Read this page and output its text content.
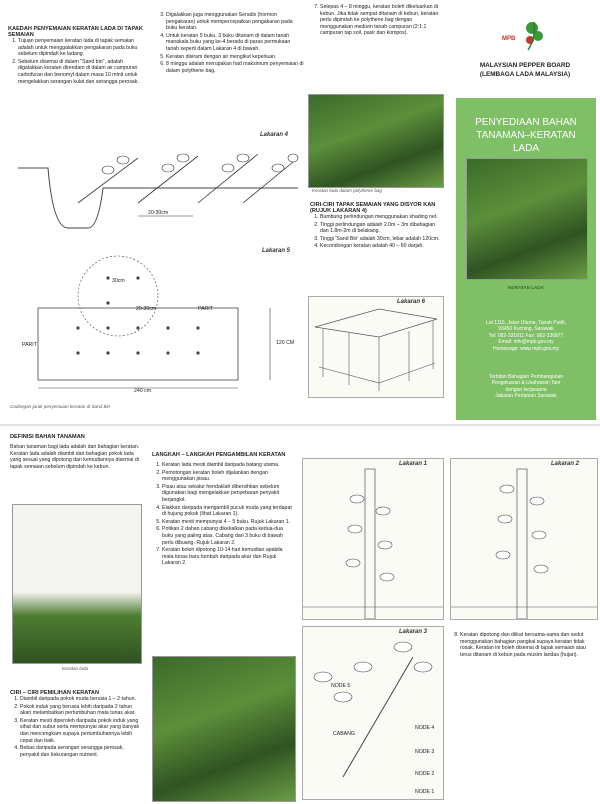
KAEDAH PENYEMAIAN KERATAN LADA DI TAPAK SEMAIAN
1. Tujuan penyemaian keratan lada di tapak semaian adalah untuk menggalakkan pengakaran pada buku sebelum dipindah ke ladang.
2. Sebelum disemai di dalam "Sand bin", adalah digalakkan keratan direndam di dalam air campuran carbofuran dan benomyl dalam masa 10 minit untuk mengelakkan serangan kulat dan serangga perosak.
3. Digalakkan juga menggunakan Seradix (hormon pengakaran) untuk mempercepatkan pengakaran pada buku keratan.
4. Untuk keratan 5 buku, 3 buku ditanam di dalam tanah manakala buku yang ke-4 berada di paras permukaan tanah seperti dalam Lakaran 4 di bawah.
5. Keratan disiram dengan air mengikut keperluan.
6. 8 minggu adalah merupakan had maksimum penyemaian di dalam polythene bag.
Lakaran 4
20-30cm
Lakaran 5
PARIT
PARIT
30cm
20-30cm
120 CM
240 cm
Cadangan jarak penyemaian keratan di Sand Bin
7. Selepas 4 – 8 minggu, keratan boleh dikeluarkan di kebun. Jika tidak sempat ditanam di kebun, keratan perlu dipindah ke polythene bag dengan menggunakan medium tanah campuran (2:1:1 campuran tap soil, pasir dan kompos).
Keratan lada dalam polythene bag
CIRI-CIRI TAPAK SEMAIAN YANG DISYOR KAN (RUJUK LAKARAN 4)
1. Bumbung perlindungan menggunakan shading net.
2. Tinggi perlindungan adalah 2.0m – 3m dibahagian dan 1.8m-2m di belakang.
3. Tinggi 'Sand Bin' adalah 30cm, lebar adalah 120cm.
4. Kecondongan keratan adalah 40 – 60 darjah.
Lakaran 6
MPB
MALAYSIAN PEPPER BOARD
(LEMBAGA LADA MALAYSIA)
PENYEDIAAN BAHAN TANAMAN–KERATAN LADA
KERATAN LADA
Lot 1115, Jalan Utama, Tanah Putih,
93450 Kuching, Sarawak
Tel: 082-331811 Fax: 082-336877
Email: info@mpb.gov.my
Homepage: www.mpb.gov.my
Terbitan Bahagian Pembangunan
Pengeluaran & Usahawan Tani
dengan kerjasama
Jabatan Pertanian Sarawak
DEFINISI BAHAN TANAMAN
Bahan tanaman bagi lada adalah dari bahagian keratan. Keratan lada adalah diambil dari bahagian pokok lada yang sesuai yang dipotong dan kemudiannya disemai di tapak semaian sebelum dipindah ke kebun.
Keratan lada
CIRI – CIRI PEMILIHAN KERATAN
1. Diambil daripada pokok muda berusia 1 – 2 tahun.
2. Pokok induk yang berusia lebih daripada 2 tahun akan melambatkan pertumbuhan mata tunas akar.
3. Keratan mesti diperoleh daripada pokok induk yang sihat dan subur serta mempunyai akar yang banyak dan mencengkam supaya pertumbuhannya lebih cepat dan baik.
4. Bebas daripada serangan serangga perosak, penyakit dan kekurangan nutrient.
LANGKAH – LANGKAH PENGAMBILAN KERATAN
1. Keratan lada mesti diambil daripada batang utama.
2. Pemotongan keratan boleh dijalankan dengan menggunakan pisau.
3. Pisau atau sekatur hendaklah dibersihkan sebelum digunakan bagi mengelakkan penyebaran penyakit berjangkit.
4. Elakkan daripada mengambil pucuk muda yang terdapat di hujung pokok (lihat Lakaran 1).
5. Keratan mesti mempunyai 4 – 5 buku. Rujuk Lakaran 1.
6. Potikan 2 dahan cabang dikekalkan pada kedua-dua buku yang paling atas. Cabang dari 3 buku di bawah perlu dibuang. Rujuk Lakaran 2.
7. Keratan boleh dipotong 10-14 hari kemudian apabila mata tunas baru tumbuh daripada akar dan Rujuk Lakaran 2.
Lakaran 1	Lakaran 2
Lakaran 3
NODE 5
NODE 4
CABANG
NODE 3
NODE 2
NODE 1
8. Keratan dipotong dan diikat bersama-sama dan sedut menggunakan bahagian pangkal supaya keratan tidak rosak. Keratan ini boleh disemai di tapak semaian atau terus ditanam di kebun pada musim landas (hujan).
